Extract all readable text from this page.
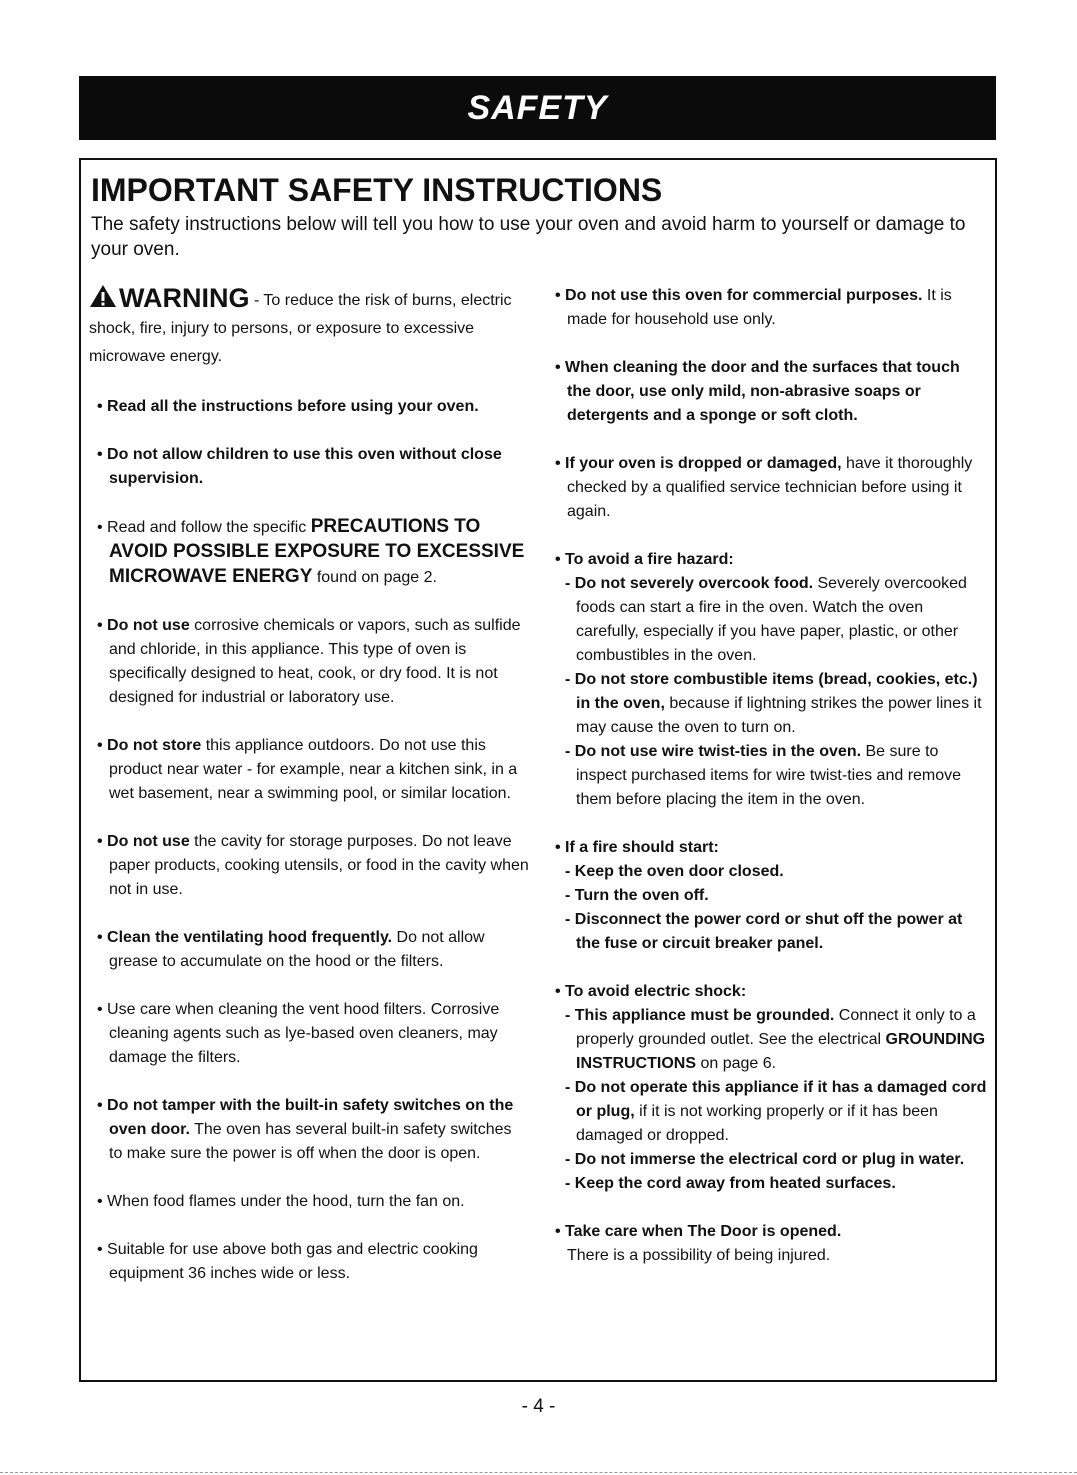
SAFETY
IMPORTANT SAFETY INSTRUCTIONS
The safety instructions below will tell you how to use your oven and avoid harm to yourself or damage to your oven.
WARNING - To reduce the risk of burns, electric shock, fire, injury to persons, or exposure to excessive microwave energy.
• Read all the instructions before using your oven.
• Do not allow children to use this oven without close supervision.
• Read and follow the specific PRECAUTIONS TO AVOID POSSIBLE EXPOSURE TO EXCESSIVE MICROWAVE ENERGY found on page 2.
• Do not use corrosive chemicals or vapors, such as sulfide and chloride, in this appliance. This type of oven is specifically designed to heat, cook, or dry food. It is not designed for industrial or laboratory use.
• Do not store this appliance outdoors. Do not use this product near water - for example, near a kitchen sink, in a wet basement, near a swimming pool, or similar location.
• Do not use the cavity for storage purposes. Do not leave paper products, cooking utensils, or food in the cavity when not in use.
• Clean the ventilating hood frequently. Do not allow grease to accumulate on the hood or the filters.
• Use care when cleaning the vent hood filters. Corrosive cleaning agents such as lye-based oven cleaners, may damage the filters.
• Do not tamper with the built-in safety switches on the oven door. The oven has several built-in safety switches to make sure the power is off when the door is open.
• When food flames under the hood, turn the fan on.
• Suitable for use above both gas and electric cooking equipment 36 inches wide or less.
• Do not use this oven for commercial purposes. It is made for household use only.
• When cleaning the door and the surfaces that touch the door, use only mild, non-abrasive soaps or detergents and a sponge or soft cloth.
• If your oven is dropped or damaged, have it thoroughly checked by a qualified service technician before using it again.
• To avoid a fire hazard:
- Do not severely overcook food. Severely overcooked foods can start a fire in the oven. Watch the oven carefully, especially if you have paper, plastic, or other combustibles in the oven.
- Do not store combustible items (bread, cookies, etc.) in the oven, because if lightning strikes the power lines it may cause the oven to turn on.
- Do not use wire twist-ties in the oven. Be sure to inspect purchased items for wire twist-ties and remove them before placing the item in the oven.
• If a fire should start:
- Keep the oven door closed.
- Turn the oven off.
- Disconnect the power cord or shut off the power at the fuse or circuit breaker panel.
• To avoid electric shock:
- This appliance must be grounded. Connect it only to a properly grounded outlet. See the electrical GROUNDING INSTRUCTIONS on page 6.
- Do not operate this appliance if it has a damaged cord or plug, if it is not working properly or if it has been damaged or dropped.
- Do not immerse the electrical cord or plug in water.
- Keep the cord away from heated surfaces.
• Take care when The Door is opened.
There is a possibility of being injured.
- 4 -
